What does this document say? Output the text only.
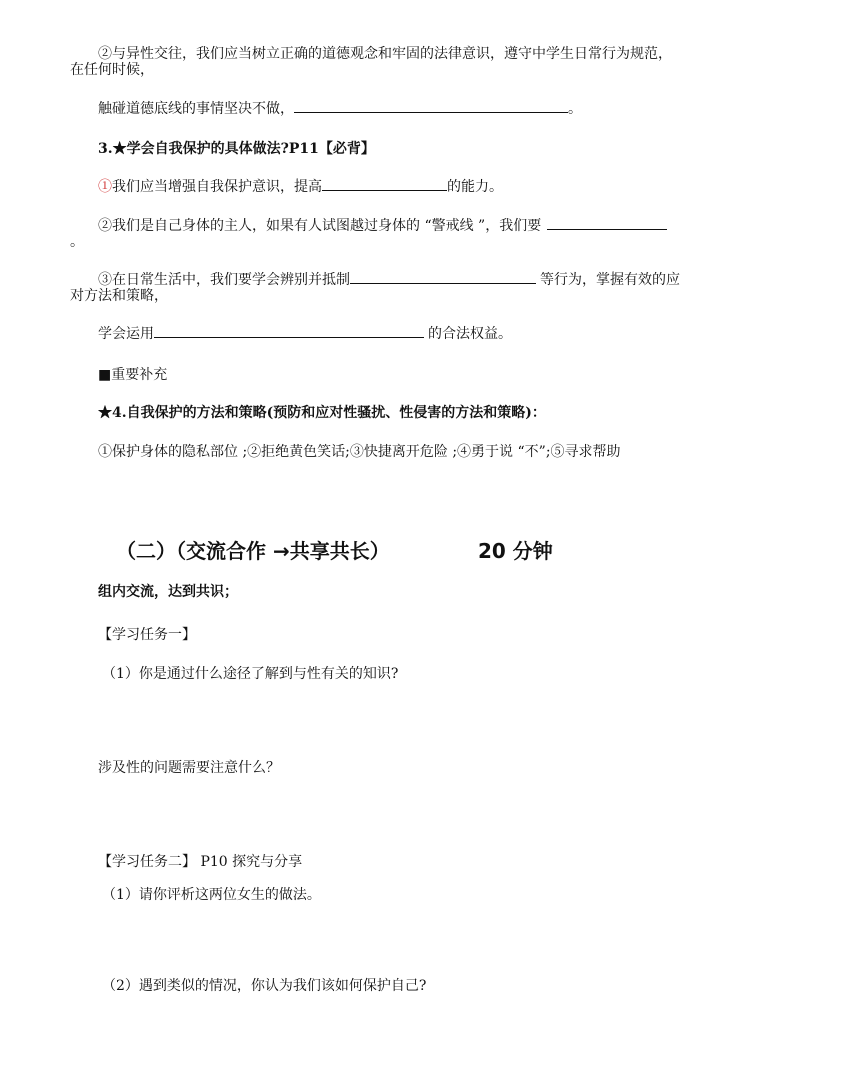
②与异性交往，我们应当树立正确的道德观念和牢固的法律意识，遵守中学生日常行为规范，
在任何时候，
触碰道德底线的事情坚决不做，	。
3.★学会自我保护的具体做法?P11【必背】
①我们应当增强自我保护意识，提高	的能力。
②我们是自己身体的主人，如果有人试图越过身体的 “警戒线 ”，我们要
。
③在日常生活中，我们要学会辨别并抵制	等行为，掌握有效的应
对方法和策略，
学会运用	的合法权益。
■重要补充
★4.自我保护的方法和策略(预防和应对性骚扰、性侵害的方法和策略)：
①保护身体的隐私部位 ;②拒绝黄色笑话;③快捷离开危险 ;④勇于说 “不”;⑤寻求帮助
（二）（交流合作 →共享共长）	20 分钟
组内交流，达到共识；
【学习任务一】
（1）你是通过什么途径了解到与性有关的知识?
涉及性的问题需要注意什么？
【学习任务二】 P10 探究与分享
（1）请你评析这两位女生的做法。
（2）遇到类似的情况，你认为我们该如何保护自己?
